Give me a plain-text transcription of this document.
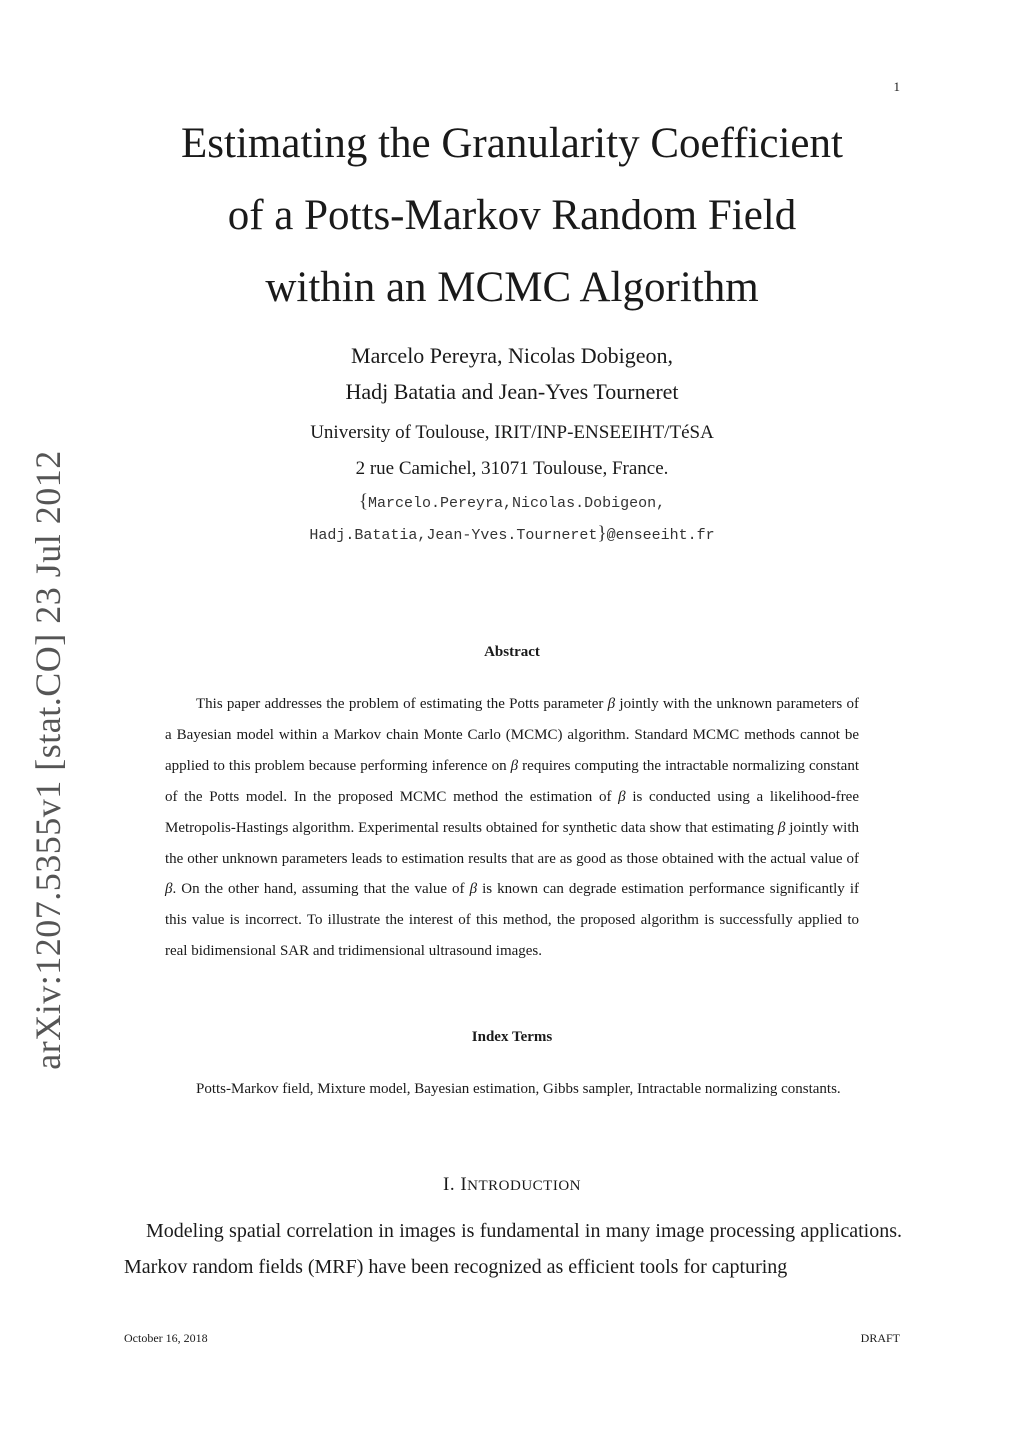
1
arXiv:1207.5355v1 [stat.CO] 23 Jul 2012
Estimating the Granularity Coefficient
of a Potts-Markov Random Field
within an MCMC Algorithm
Marcelo Pereyra, Nicolas Dobigeon,
Hadj Batatia and Jean-Yves Tourneret
University of Toulouse, IRIT/INP-ENSEEIHT/TéSA
2 rue Camichel, 31071 Toulouse, France.
{Marcelo.Pereyra,Nicolas.Dobigeon,
Hadj.Batatia,Jean-Yves.Tourneret}@enseeiht.fr
Abstract
This paper addresses the problem of estimating the Potts parameter β jointly with the unknown parameters of a Bayesian model within a Markov chain Monte Carlo (MCMC) algorithm. Standard MCMC methods cannot be applied to this problem because performing inference on β requires computing the intractable normalizing constant of the Potts model. In the proposed MCMC method the estimation of β is conducted using a likelihood-free Metropolis-Hastings algorithm. Experimental results obtained for synthetic data show that estimating β jointly with the other unknown parameters leads to estimation results that are as good as those obtained with the actual value of β. On the other hand, assuming that the value of β is known can degrade estimation performance significantly if this value is incorrect. To illustrate the interest of this method, the proposed algorithm is successfully applied to real bidimensional SAR and tridimensional ultrasound images.
Index Terms
Potts-Markov field, Mixture model, Bayesian estimation, Gibbs sampler, Intractable normalizing constants.
I. INTRODUCTION
Modeling spatial correlation in images is fundamental in many image processing applications. Markov random fields (MRF) have been recognized as efficient tools for capturing
October 16, 2018	DRAFT
